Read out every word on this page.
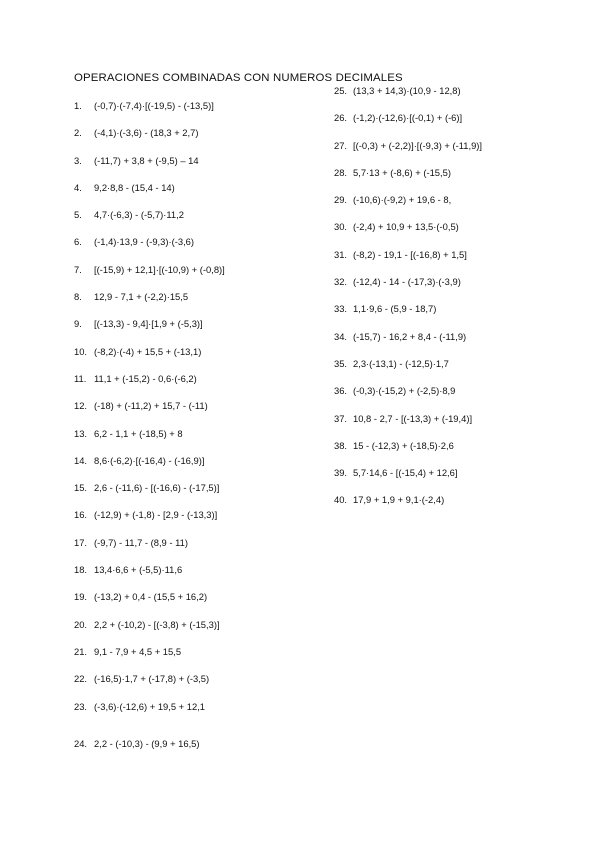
OPERACIONES COMBINADAS CON NUMEROS DECIMALES
1. (-0,7)·(-7,4)·[(-19,5) - (-13,5)]
2. (-4,1)·(-3,6) - (18,3 + 2,7)
3. (-11,7) + 3,8 + (-9,5) – 14
4. 9,2·8,8 - (15,4 - 14)
5. 4,7·(-6,3) - (-5,7)·11,2
6. (-1,4)·13,9 - (-9,3)·(-3,6)
7. [(-15,9) + 12,1]·[(-10,9) + (-0,8)]
8. 12,9 - 7,1 + (-2,2)·15,5
9. [(-13,3) - 9,4]·[1,9 + (-5,3)]
10. (-8,2)·(-4) + 15,5 + (-13,1)
11. 11,1 + (-15,2) - 0,6·(-6,2)
12. (-18) + (-11,2) + 15,7 - (-11)
13. 6,2 - 1,1 + (-18,5) + 8
14. 8,6·(-6,2)·[(-16,4) - (-16,9)]
15. 2,6 - (-11,6) - [(-16,6) - (-17,5)]
16. (-12,9) + (-1,8) - [2,9 - (-13,3)]
17. (-9,7) - 11,7 - (8,9 - 11)
18. 13,4·6,6 + (-5,5)·11,6
19. (-13,2) + 0,4 - (15,5 + 16,2)
20. 2,2 + (-10,2) - [(-3,8) + (-15,3)]
21. 9,1 - 7,9 + 4,5 + 15,5
22. (-16,5)·1,7 + (-17,8) + (-3,5)
23. (-3,6)·(-12,6) + 19,5 + 12,1
24. 2,2 - (-10,3) - (9,9 + 16,5)
25. (13,3 + 14,3)·(10,9 - 12,8)
26. (-1,2)·(-12,6)·[(-0,1) + (-6)]
27. [(-0,3) + (-2,2)]·[(-9,3) + (-11,9)]
28. 5,7·13 + (-8,6) + (-15,5)
29. (-10,6)·(-9,2) + 19,6 - 8,
30. (-2,4) + 10,9 + 13,5·(-0,5)
31. (-8,2) - 19,1 - [(-16,8) + 1,5]
32. (-12,4) - 14 - (-17,3)·(-3,9)
33. 1,1·9,6 - (5,9 - 18,7)
34. (-15,7) - 16,2 + 8,4 - (-11,9)
35. 2,3·(-13,1) - (-12,5)·1,7
36. (-0,3)·(-15,2) + (-2,5)·8,9
37. 10,8 - 2,7 - [(-13,3) + (-19,4)]
38. 15 - (-12,3) + (-18,5)·2,6
39. 5,7·14,6 - [(-15,4) + 12,6]
40. 17,9 + 1,9 + 9,1·(-2,4)
